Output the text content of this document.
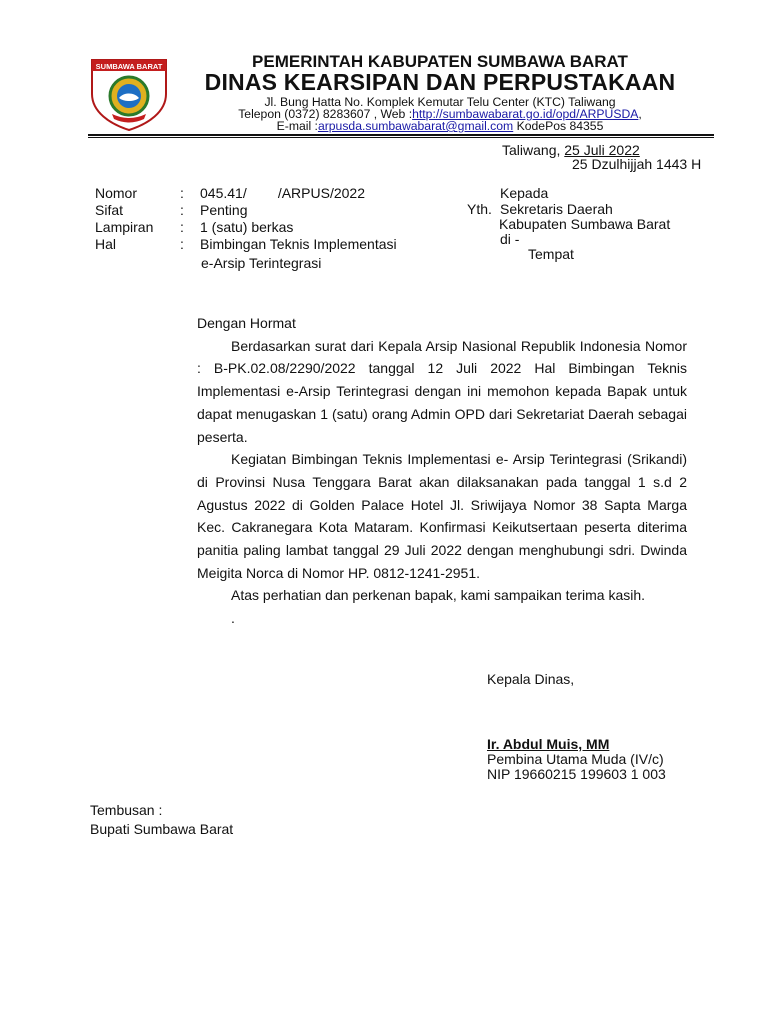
SUMBAWA BARAT	PEMERINTAH KABUPATEN SUMBAWA BARAT
DINAS KEARSIPAN DAN PERPUSTAKAAN
Jl. Bung Hatta No. Komplek Kemutar Telu Center (KTC) Taliwang
Telepon (0372) 8283607 , Web :http://sumbawabarat.go.id/opd/ARPUSDA,
E-mail :arpusda.sumbawabarat@gmail.com KodePos 84355
Taliwang, 25 Juli 2022
25 Dzulhijjah 1443 H
Nomor
Sifat
Lampiran
Hal
:
:
:
:
045.41/        /ARPUS/2022
Penting
1 (satu) berkas
Bimbingan Teknis Implementasi
e-Arsip Terintegrasi
Kepada
Yth. Sekretaris Daerah
Kabupaten Sumbawa Barat
di -
Tempat

Dengan Hormat

Berdasarkan surat dari Kepala Arsip Nasional Republik Indonesia Nomor : B-PK.02.08/2290/2022 tanggal 12 Juli 2022 Hal Bimbingan Teknis Implementasi e-Arsip Terintegrasi dengan ini memohon kepada Bapak untuk dapat menugaskan 1 (satu) orang Admin OPD dari Sekretariat Daerah sebagai peserta.

Kegiatan Bimbingan Teknis Implementasi e- Arsip Terintegrasi (Srikandi) di Provinsi Nusa Tenggara Barat akan dilaksanakan pada tanggal 1 s.d 2 Agustus 2022 di Golden Palace Hotel Jl. Sriwijaya Nomor 38 Sapta Marga Kec. Cakranegara Kota Mataram. Konfirmasi Keikutsertaan peserta diterima panitia paling lambat tanggal 29 Juli 2022 dengan menghubungi sdri. Dwinda Meigita Norca di Nomor HP. 0812-1241-2951.

Atas perhatian dan perkenan bapak, kami sampaikan terima kasih.

.

Kepala Dinas,
Ir. Abdul Muis, MM
Pembina Utama Muda (IV/c)
NIP 19660215 199603 1 003
Tembusan :
Bupati Sumbawa Barat
